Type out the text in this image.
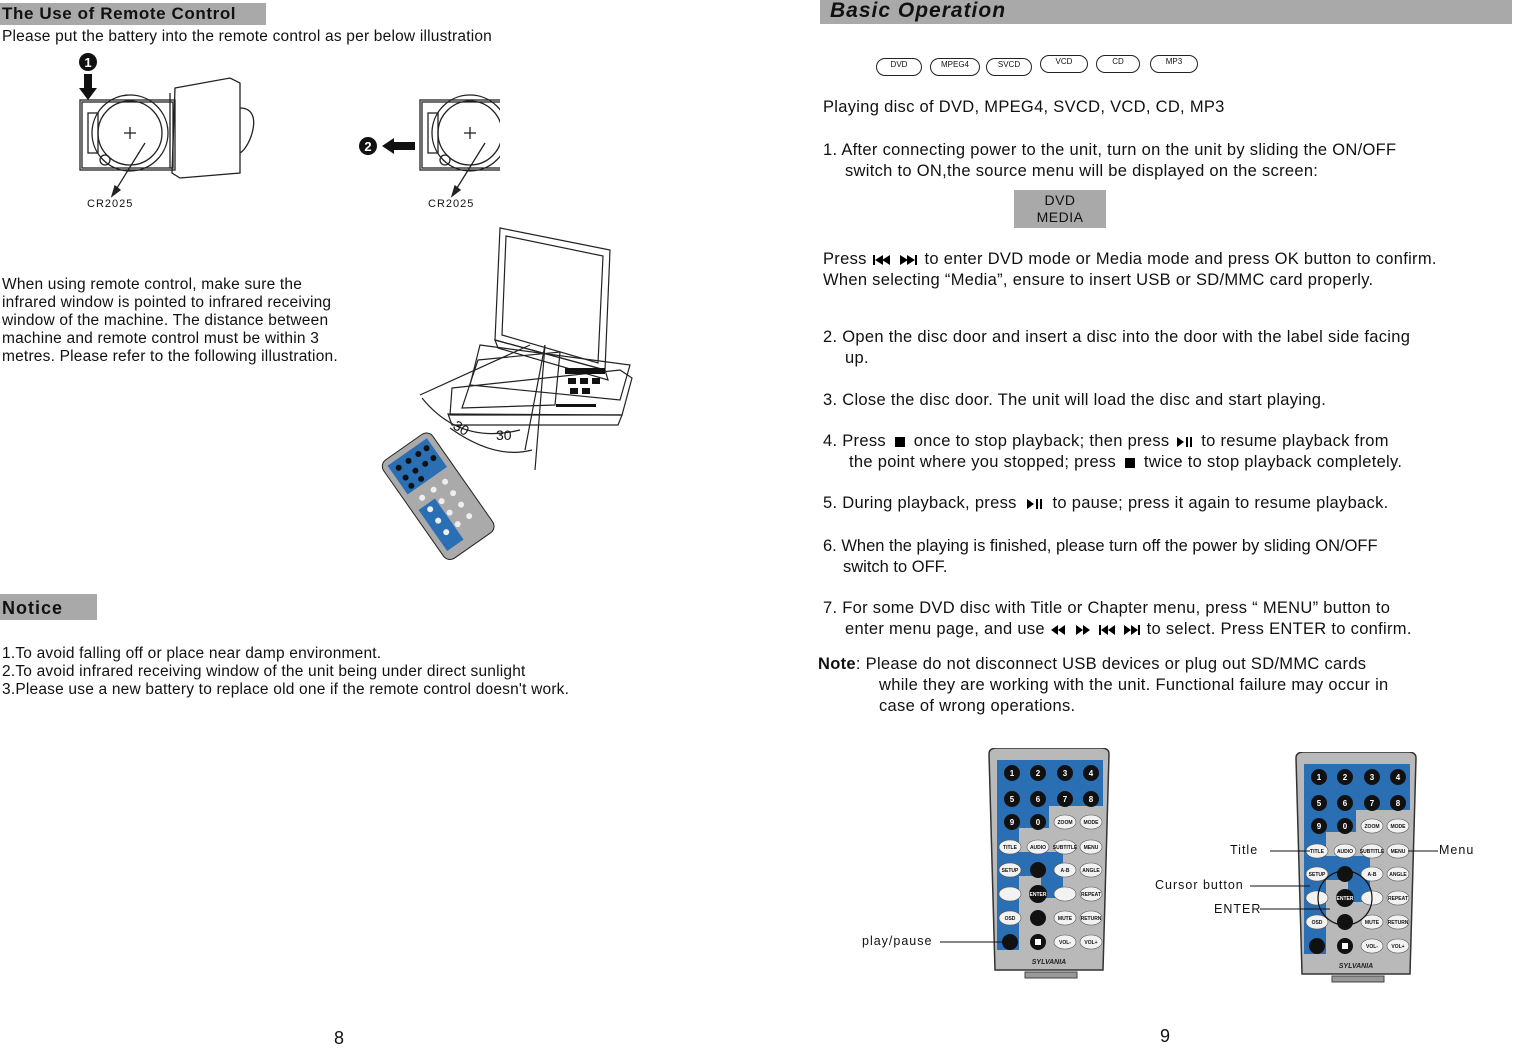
The Use of Remote Control
Please put the battery into the remote control as per below illustration
1
2
CR2025	CR2025
When using remote control, make sure the
infrared window is pointed to infrared receiving
window of the machine. The distance between
machine and remote control must be within 3
metres. Please refer to the following illustration.
30 30
Notice
1.To avoid falling off or place near damp environment.
2.To avoid infrared receiving window of the unit being under direct sunlight
3.Please use a new battery to replace old one if the remote control doesn't work.
8
Basic Operation
DVD	MPEG4	SVCD	VCD	CD	MP3
Playing disc of DVD, MPEG4, SVCD, VCD, CD, MP3
1. After connecting power to the unit, turn on the unit by sliding the ON/OFF
switch to ON,the source menu will be displayed on the screen:
DVD
MEDIA
Press	to enter DVD mode or Media mode and press OK button to confirm.
When selecting “Media”, ensure to insert USB or SD/MMC card properly.
2. Open the disc door and insert a disc into the door with the label side facing
up.
3. Close the disc door. The unit will load the disc and start playing.
4. Press once to stop playback; then press to resume playback from
the point where you stopped; press twice to stop playback completely.
5. During playback, press to pause; press it again to resume playback.
6. When the playing is finished, please turn off the power by sliding ON/OFF
switch to OFF.
7. For some DVD disc with Title or Chapter menu, press “ MENU” button to
enter menu page, and use	to select. Press ENTER to confirm.
Note: Please do not disconnect USB devices or plug out SD/MMC cards
while they are working with the unit. Functional failure may occur in
case of wrong operations.
1	2	3	4
5	6	7	8
9	0	ZOOM MODE
TITLE	AUDIO SUBTITLE MENU
SETUP	A-B	ANGLE
REPEAT
OSD	MUTE RETURN
VOL-	VOL+
ENTER
SYLVANIA
1	2	3	4
5	6	7	8
9	0	ZOOM MODE
TITLE	AUDIO SUBTITLE MENU
SETUP	A-B	ANGLE
REPEAT
OSD	MUTE RETURN
VOL-	VOL+
ENTER
SYLVANIA
play/pause
Title	Menu
Cursor button
ENTER
9
